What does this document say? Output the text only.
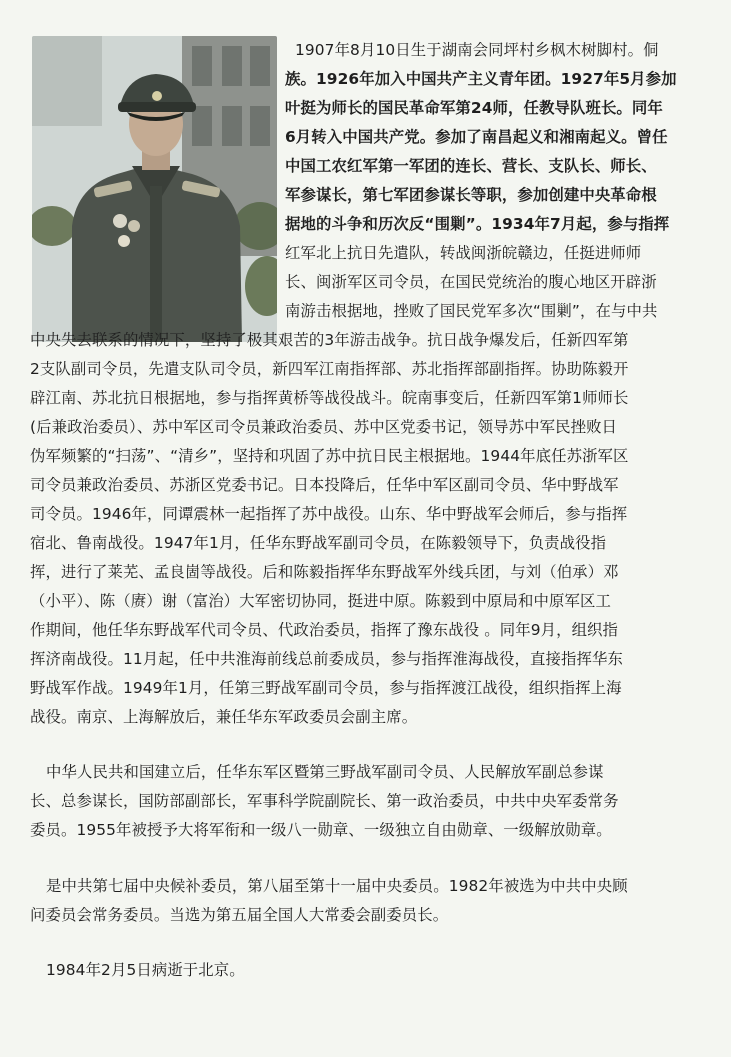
1907年8月10日生于湖南会同坪村乡枫木树脚村。侗
族。1926年加入中国共产主义青年团。1927年5月参加
叶挺为师长的国民革命军第24师，任教导队班长。同年
6月转入中国共产党。参加了南昌起义和湘南起义。曾任
中国工农红军第一军团的连长、营长、支队长、师长、
军参谋长，第七军团参谋长等职，参加创建中央革命根
据地的斗争和历次反“围剿”。1934年7月起，参与指挥
红军北上抗日先遣队，转战闽浙皖赣边，任挺进师师
长、闽浙军区司令员，在国民党统治的腹心地区开辟浙
南游击根据地，挫败了国民党军多次“围剿”，在与中共
中央失去联系的情况下，坚持了极其艰苦的3年游击战争。抗日战争爆发后，任新四军第
2支队副司令员，先遣支队司令员，新四军江南指挥部、苏北指挥部副指挥。协助陈毅开
辟江南、苏北抗日根据地，参与指挥黄桥等战役战斗。皖南事变后，任新四军第1师师长
(后兼政治委员）、苏中军区司令员兼政治委员、苏中区党委书记，领导苏中军民挫败日
伪军频繁的“扫荡”、“清乡”，坚持和巩固了苏中抗日民主根据地。1944年底任苏浙军区
司令员兼政治委员、苏浙区党委书记。日本投降后，任华中军区副司令员、华中野战军
司令员。1946年，同谭震林一起指挥了苏中战役。山东、华中野战军会师后，参与指挥
宿北、鲁南战役。1947年1月，任华东野战军副司令员，在陈毅领导下，负责战役指
挥，进行了莱芜、孟良崮等战役。后和陈毅指挥华东野战军外线兵团，与刘（伯承）邓
（小平）、陈（赓）谢（富治）大军密切协同，挺进中原。陈毅到中原局和中原军区工
作期间，他任华东野战军代司令员、代政治委员，指挥了豫东战役 。同年9月，组织指
挥济南战役。11月起，任中共淮海前线总前委成员，参与指挥淮海战役，直接指挥华东
野战军作战。1949年1月，任第三野战军副司令员，参与指挥渡江战役，组织指挥上海
战役。南京、上海解放后，兼任华东军政委员会副主席。
中华人民共和国建立后，任华东军区暨第三野战军副司令员、人民解放军副总参谋
长、总参谋长，国防部副部长，军事科学院副院长、第一政治委员，中共中央军委常务
委员。1955年被授予大将军衔和一级八一勋章、一级独立自由勋章、一级解放勋章。
是中共第七届中央候补委员，第八届至第十一届中央委员。1982年被选为中共中央顾
问委员会常务委员。当选为第五届全国人大常委会副委员长。
1984年2月5日病逝于北京。
